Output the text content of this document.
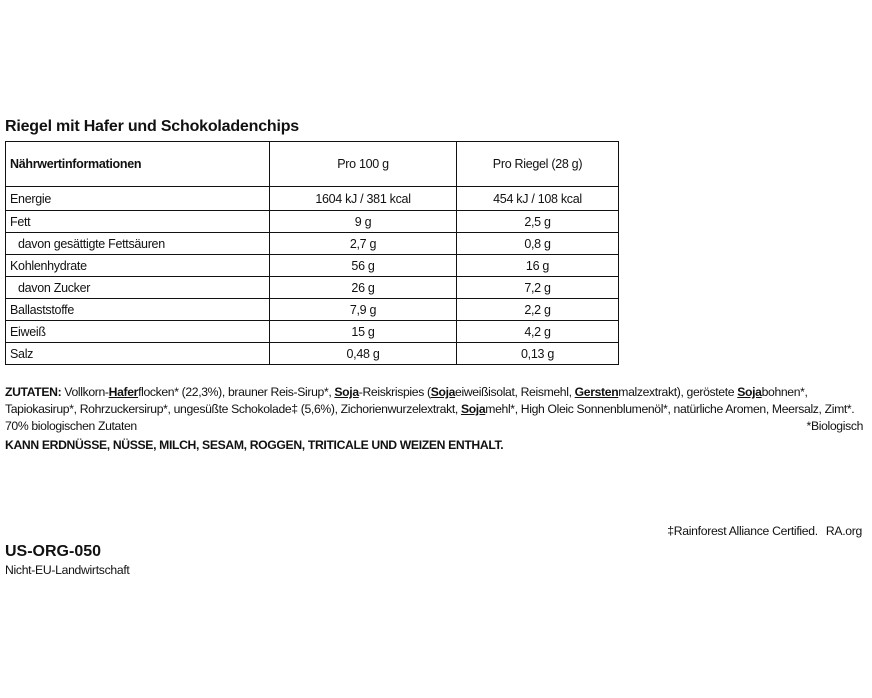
Riegel mit Hafer und Schokoladenchips
Nährwertinformationen	Pro 100 g	Pro Riegel (28 g)
Energie	1604 kJ / 381 kcal	454 kJ / 108 kcal
Fett	9 g	2,5 g
davon gesättigte Fettsäuren	2,7 g	0,8 g
Kohlenhydrate	56 g	16 g
davon Zucker	26 g	7,2 g
Ballaststoffe	7,9 g	2,2 g
Eiweiß	15 g	4,2 g
Salz	0,48 g	0,13 g
ZUTATEN: Vollkorn-Haferflocken* (22,3%), brauner Reis-Sirup*, Soja-Reiskrispies (Sojaeiweißisolat, Reismehl, Gerstenmalzextrakt), geröstete Sojabohnen*, Tapiokasirup*, Rohrzuckersirup*, ungesüßte Schokolade‡ (5,6%), Zichorienwurzelextrakt, Sojamehl*, High Oleic Sonnenblumenöl*, natürliche Aromen, Meersalz, Zimt*.
70% biologischen Zutaten	*Biologisch
KANN ERDNÜSSE, NÜSSE, MILCH, SESAM, ROGGEN, TRITICALE UND WEIZEN ENTHALT.
‡Rainforest Alliance Certified. RA.org
US-ORG-050
Nicht-EU-Landwirtschaft
